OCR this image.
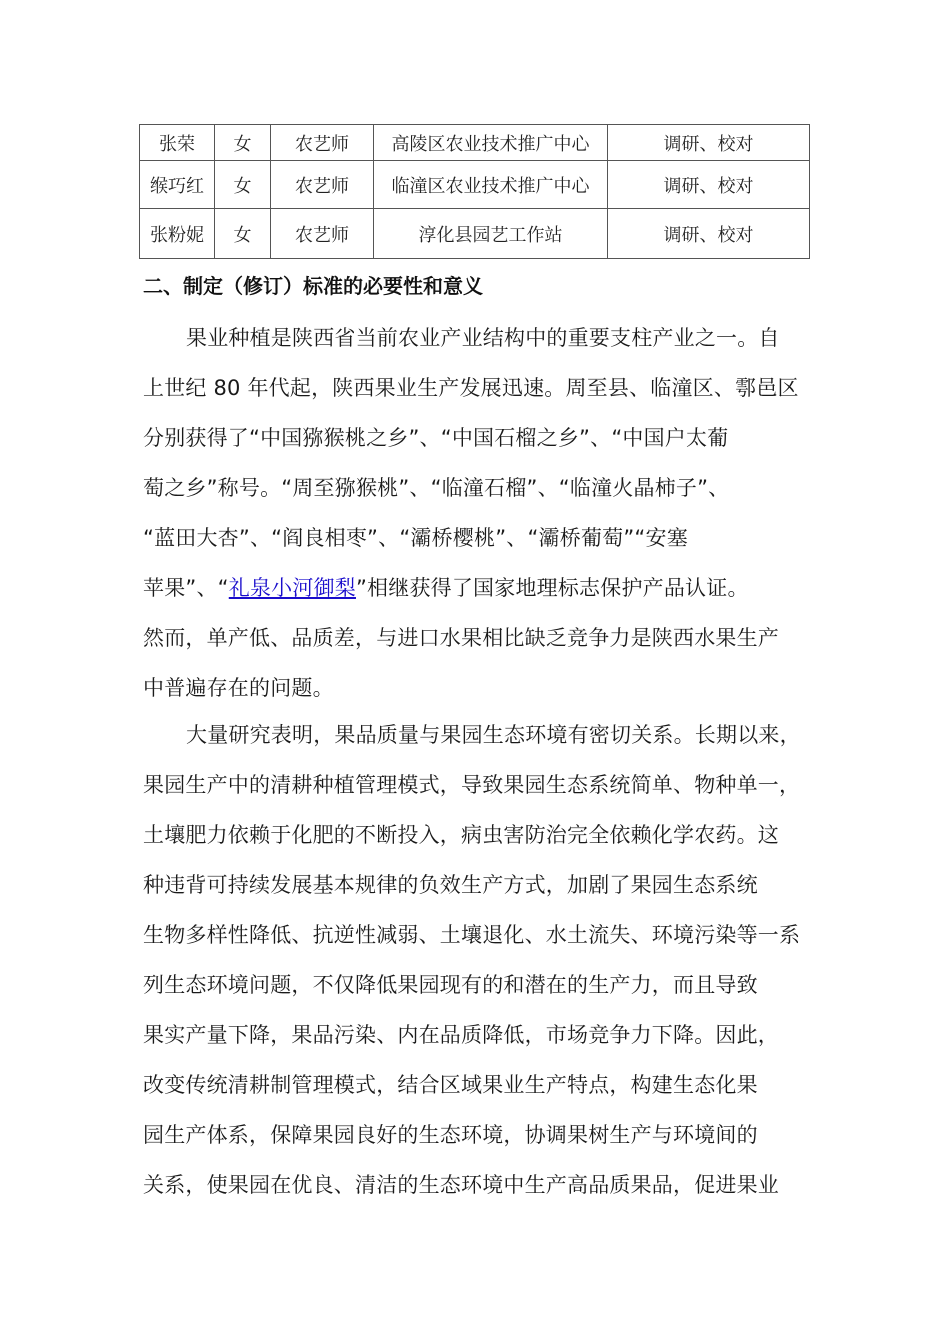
张荣	女	农艺师	高陵区农业技术推广中心	调研、校对
缑巧红	女	农艺师	临潼区农业技术推广中心	调研、校对
张粉妮	女	农艺师	淳化县园艺工作站	调研、校对
二、制定（修订）标准的必要性和意义
果业种植是陕西省当前农业产业结构中的重要支柱产业之一。自
上世纪 80 年代起，陕西果业生产发展迅速。周至县、临潼区、鄠邑区
分别获得了“中国猕猴桃之乡”、“中国石榴之乡”、“中国户太葡
萄之乡”称号。“周至猕猴桃”、“临潼石榴”、“临潼火晶柿子”、
“蓝田大杏”、“阎良相枣”、“灞桥樱桃”、“灞桥葡萄”“安塞
苹果”、“礼泉小河御梨”相继获得了国家地理标志保护产品认证。
然而，单产低、品质差，与进口水果相比缺乏竞争力是陕西水果生产
中普遍存在的问题。
大量研究表明，果品质量与果园生态环境有密切关系。长期以来，
果园生产中的清耕种植管理模式，导致果园生态系统简单、物种单一，
土壤肥力依赖于化肥的不断投入，病虫害防治完全依赖化学农药。这
种违背可持续发展基本规律的负效生产方式，加剧了果园生态系统
生物多样性降低、抗逆性减弱、土壤退化、水土流失、环境污染等一系
列生态环境问题，不仅降低果园现有的和潜在的生产力，而且导致
果实产量下降，果品污染、内在品质降低，市场竞争力下降。因此，
改变传统清耕制管理模式，结合区域果业生产特点，构建生态化果
园生产体系，保障果园良好的生态环境，协调果树生产与环境间的
关系，使果园在优良、清洁的生态环境中生产高品质果品，促进果业
